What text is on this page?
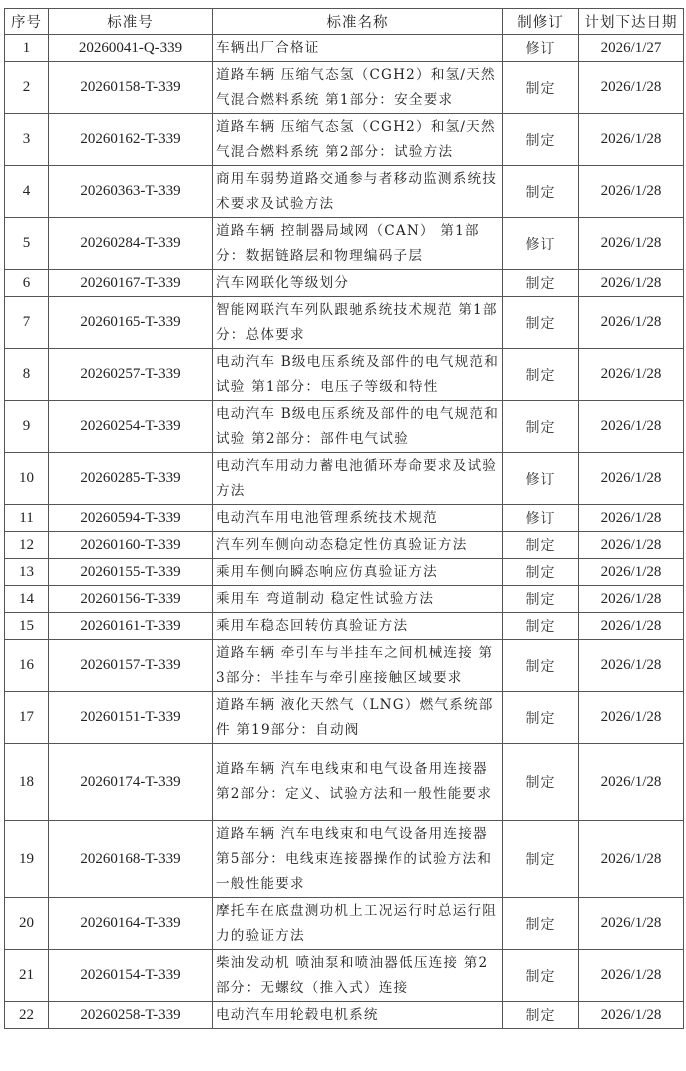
序号	标准号	标准名称	制修订	计划下达日期
1	20260041-Q-339	车辆出厂合格证	修订	2026/1/27
2	20260158-T-339	道路车辆 压缩气态氢（CGH2）和氢/天然气混合燃料系统 第1部分：安全要求	制定	2026/1/28
3	20260162-T-339	道路车辆 压缩气态氢（CGH2）和氢/天然气混合燃料系统 第2部分：试验方法	制定	2026/1/28
4	20260363-T-339	商用车弱势道路交通参与者移动监测系统技术要求及试验方法	制定	2026/1/28
5	20260284-T-339	道路车辆 控制器局域网（CAN） 第1部分：数据链路层和物理编码子层	修订	2026/1/28
6	20260167-T-339	汽车网联化等级划分	制定	2026/1/28
7	20260165-T-339	智能网联汽车列队跟驰系统技术规范 第1部分：总体要求	制定	2026/1/28
8	20260257-T-339	电动汽车 B级电压系统及部件的电气规范和试验 第1部分：电压子等级和特性	制定	2026/1/28
9	20260254-T-339	电动汽车 B级电压系统及部件的电气规范和试验 第2部分：部件电气试验	制定	2026/1/28
10	20260285-T-339	电动汽车用动力蓄电池循环寿命要求及试验方法	修订	2026/1/28
11	20260594-T-339	电动汽车用电池管理系统技术规范	修订	2026/1/28
12	20260160-T-339	汽车列车侧向动态稳定性仿真验证方法	制定	2026/1/28
13	20260155-T-339	乘用车侧向瞬态响应仿真验证方法	制定	2026/1/28
14	20260156-T-339	乘用车 弯道制动 稳定性试验方法	制定	2026/1/28
15	20260161-T-339	乘用车稳态回转仿真验证方法	制定	2026/1/28
16	20260157-T-339	道路车辆 牵引车与半挂车之间机械连接 第3部分：半挂车与牵引座接触区域要求	制定	2026/1/28
17	20260151-T-339	道路车辆 液化天然气（LNG）燃气系统部件 第19部分：自动阀	制定	2026/1/28
18	20260174-T-339	道路车辆 汽车电线束和电气设备用连接器 第2部分：定义、试验方法和一般性能要求	制定	2026/1/28
19	20260168-T-339	道路车辆 汽车电线束和电气设备用连接器 第5部分：电线束连接器操作的试验方法和一般性能要求	制定	2026/1/28
20	20260164-T-339	摩托车在底盘测功机上工况运行时总运行阻力的验证方法	制定	2026/1/28
21	20260154-T-339	柴油发动机 喷油泵和喷油器低压连接 第2部分：无螺纹（推入式）连接	制定	2026/1/28
22	20260258-T-339	电动汽车用轮毂电机系统	制定	2026/1/28
